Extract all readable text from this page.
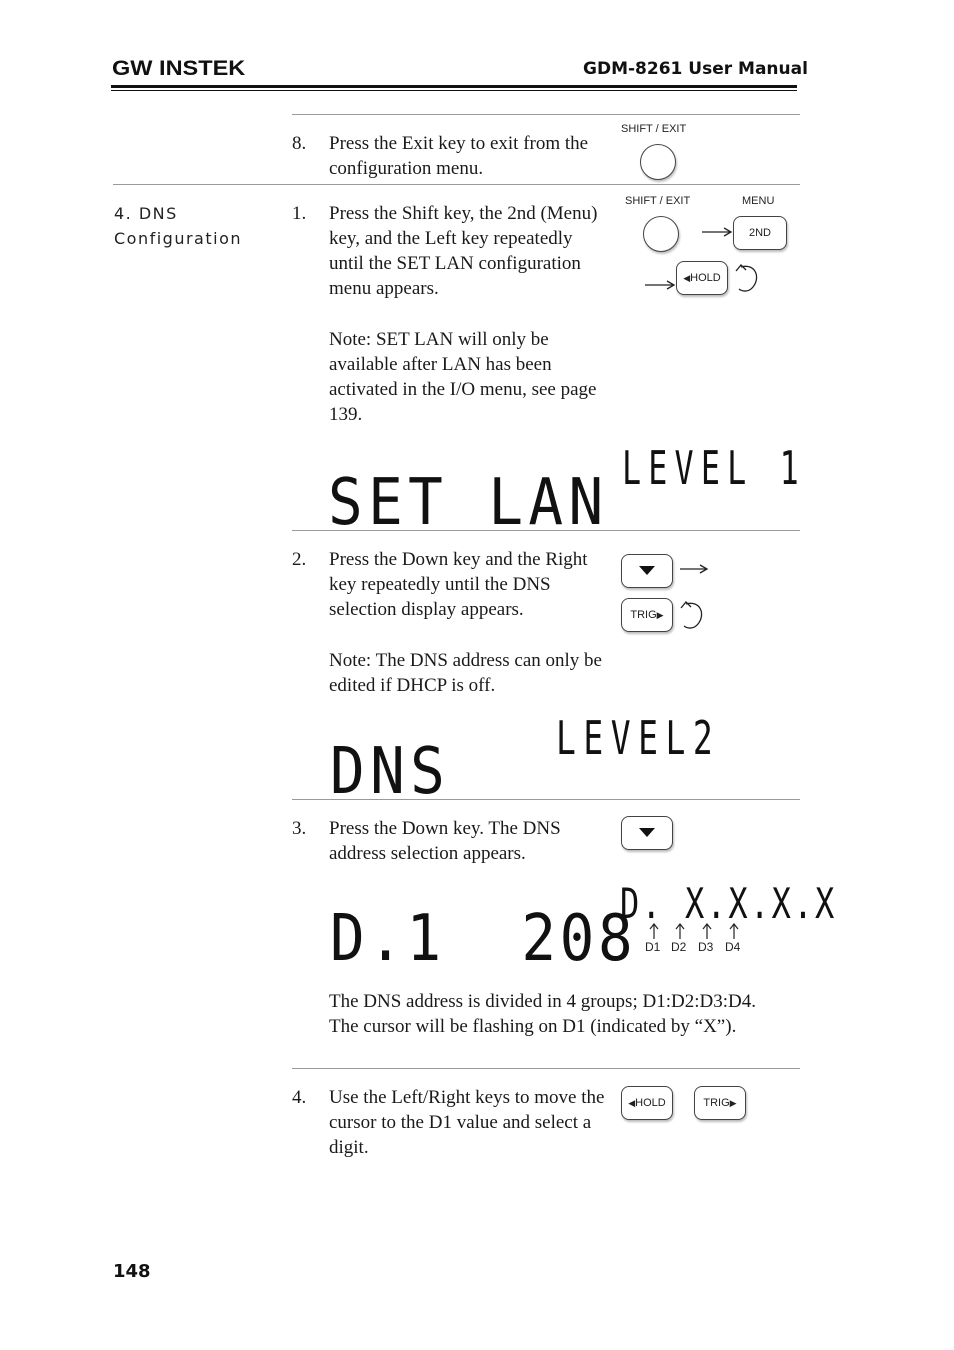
GW INSTEK	GDM-8261 User Manual
8. Press the Exit key to exit from the configuration menu.
SHIFT / EXIT
4. DNS
Configuration
1. Press the Shift key, the 2nd (Menu) key, and the Left key repeatedly until the SET LAN configuration menu appears.
Note: SET LAN will only be available after LAN has been activated in the I/O menu, see page 139.
SHIFT / EXIT	MENU
2ND
◀ HOLD
SET LAN LEVEL 1
2. Press the Down key and the Right key repeatedly until the DNS selection display appears.
Note: The DNS address can only be edited if DHCP is off.
TRIG ▶
DNS LEVEL2
3. Press the Down key. The DNS address selection appears.
D.1  208
D. X.X.X.X
D1 D2 D3 D4
The DNS address is divided in 4 groups; D1:D2:D3:D4. The cursor will be flashing on D1 (indicated by “X”).
4. Use the Left/Right keys to move the cursor to the D1 value and select a digit.
◀ HOLD	TRIG ▶
148
